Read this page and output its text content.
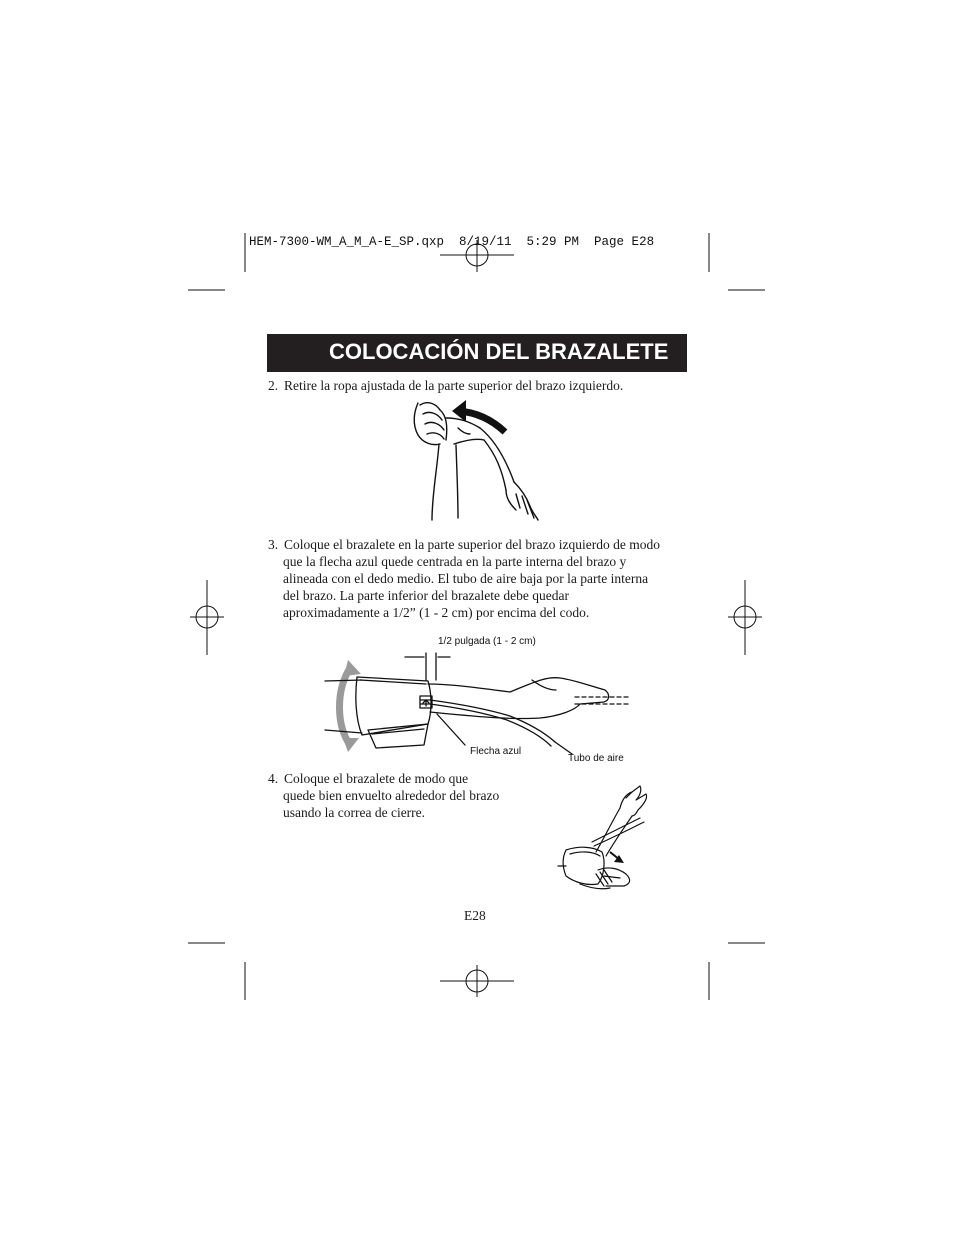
HEM-7300-WM_A_M_A-E_SP.qxp  8/19/11  5:29 PM  Page E28
COLOCACIÓN DEL BRAZALETE
2. Retire la ropa ajustada de la parte superior del brazo izquierdo.
3. Coloque el brazalete en la parte superior del brazo izquierdo de modo
que la flecha azul quede centrada en la parte interna del brazo y
alineada con el dedo medio. El tubo de aire baja por la parte interna
del brazo. La parte inferior del brazalete debe quedar
aproximadamente a 1/2” (1 - 2 cm) por encima del codo.
1/2 pulgada (1 - 2 cm)
Flecha azul
Tubo de aire
4. Coloque el brazalete de modo que
quede bien envuelto alrededor del brazo
usando la correa de cierre.
E28
